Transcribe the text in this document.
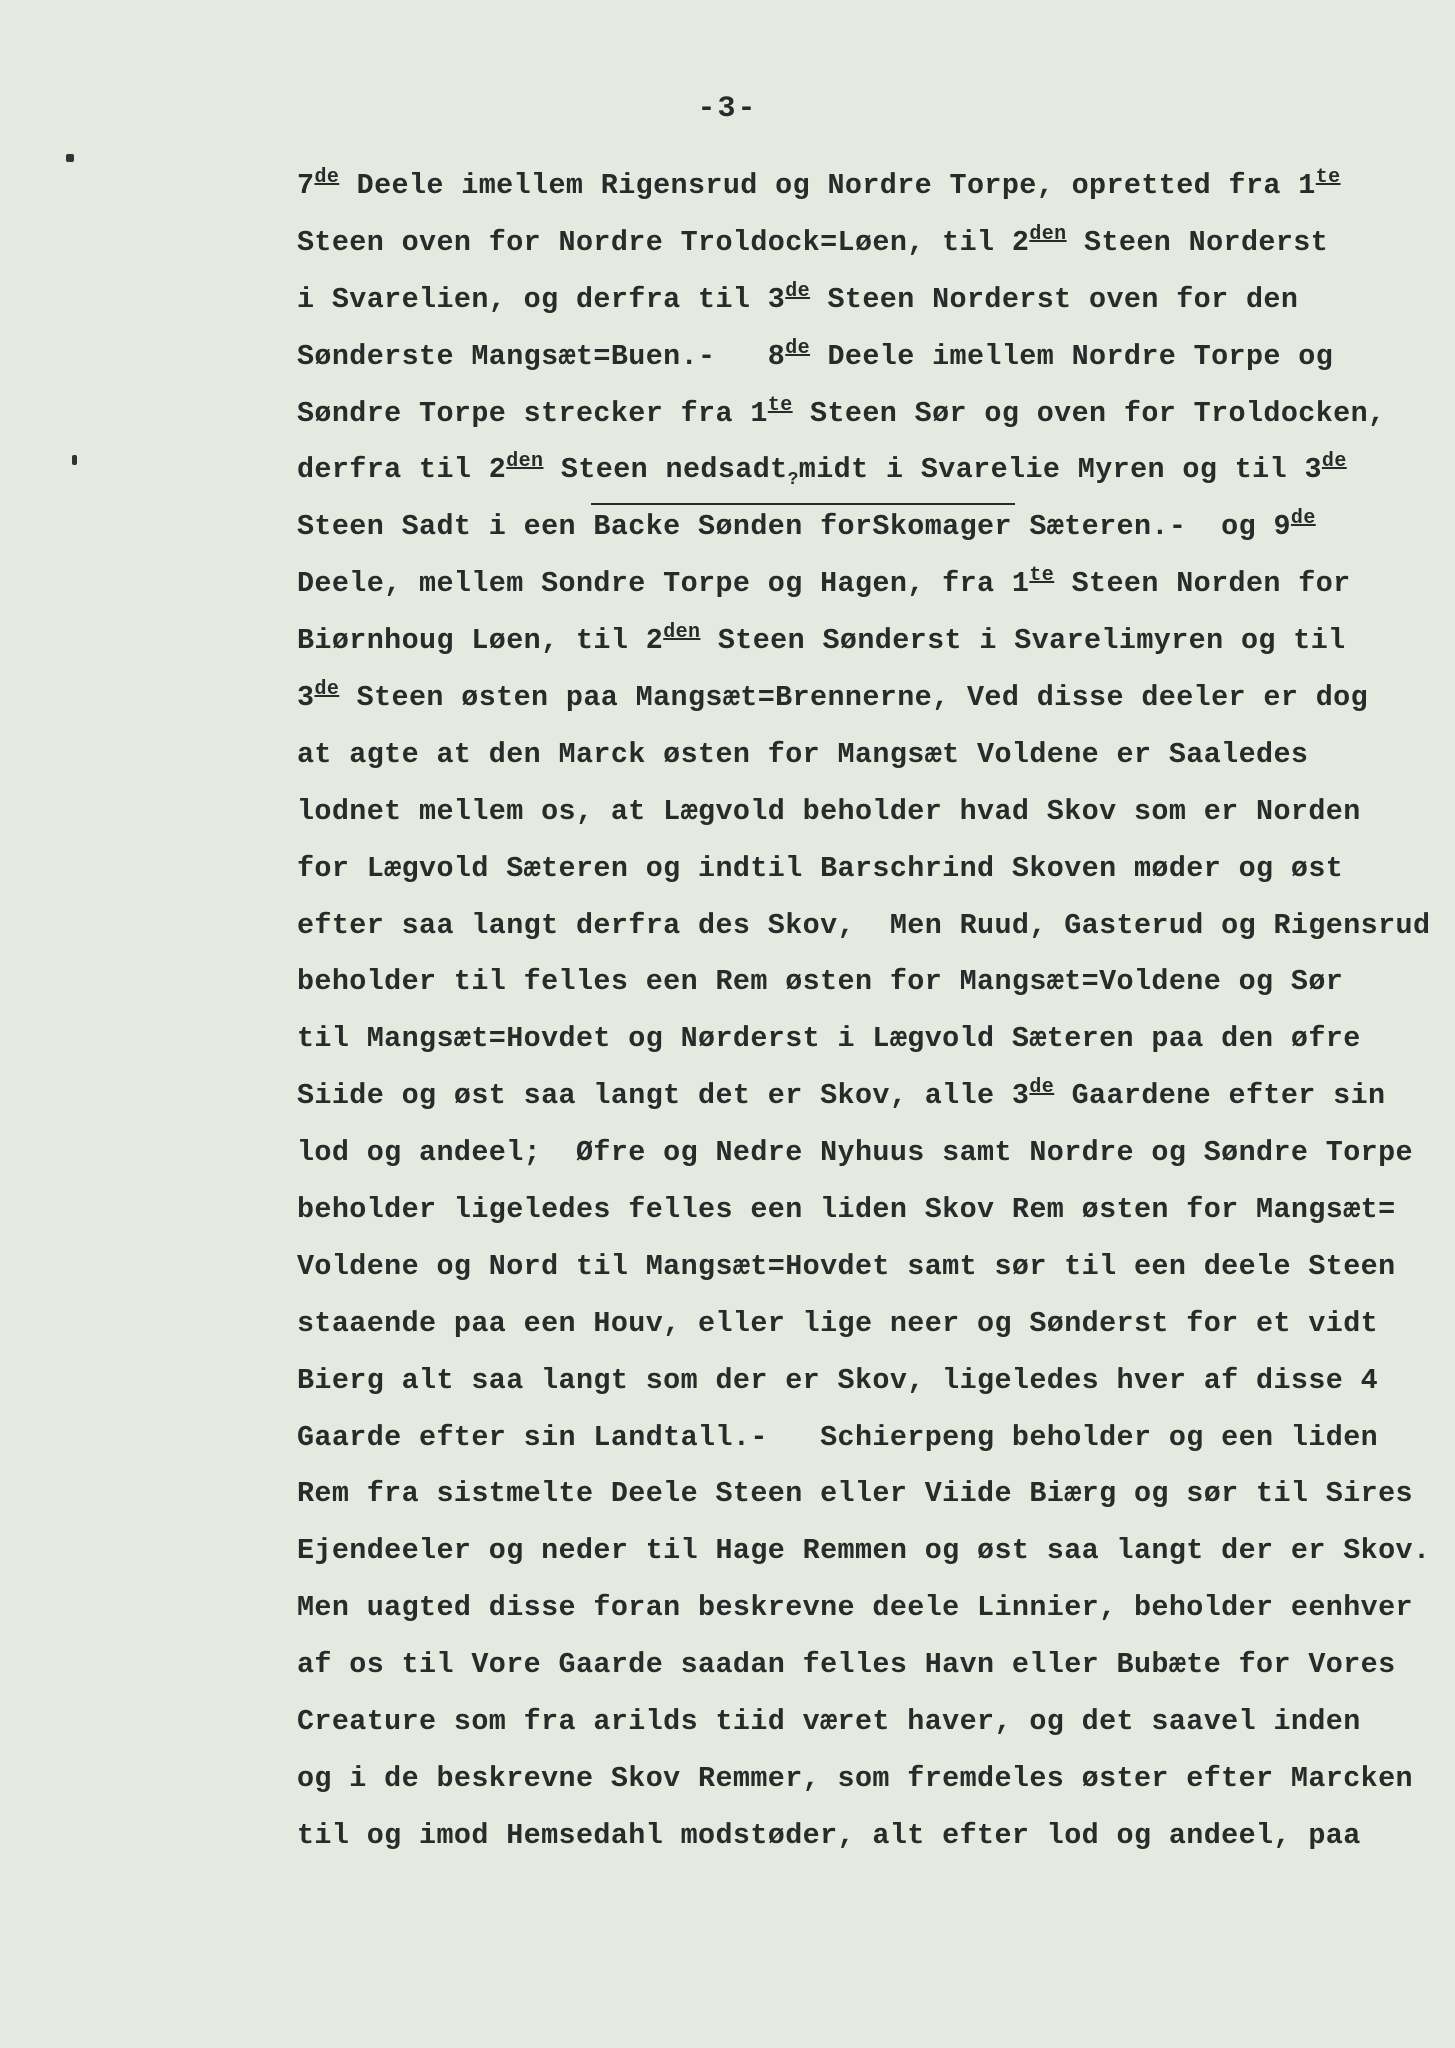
-3-
7de Deele imellem Rigensrud og Nordre Torpe, opretted fra $1^{te}$
Steen oven for Nordre Troldock=Løen, til $2^{den}$ Steen Norderst
i Svarelien, og derfra til 3de Steen Norderst oven for den
Sønderste Mangsæt=Buen.-   8de Deele imellem Nordre Torpe og
Søndre Torpe strecker fra $1^{te}$ Steen Sør og oven for Troldocken,
derfra til $2^{den}$ Steen nedsadt$_?$midt i Svarelie Myren og til 3de
Steen Sadt i een Backe Sønden forSkomager Sæteren.-  og 9de
Deele, mellem Sondre Torpe og Hagen, fra $1^{te}$ Steen Norden for
Biørnhoug Løen, til $2^{den}$ Steen Sønderst i Svarelimyren og til
3de Steen østen paa Mangsæt=Brennerne, Ved disse deeler er dog
at agte at den Marck østen for Mangsæt Voldene er Saaledes
lodnet mellem os, at Lægvold beholder hvad Skov som er Norden
for Lægvold Sæteren og indtil Barschrind Skoven møder og øst
efter saa langt derfra des Skov,  Men Ruud, Gasterud og Rigensrud
beholder til felles een Rem østen for Mangsæt=Voldene og Sør
til Mangsæt=Hovdet og Nørderst i Lægvold Sæteren paa den øfre
Siide og øst saa langt det er Skov, alle 3de Gaardene efter sin
lod og andeel;  Øfre og Nedre Nyhuus samt Nordre og Søndre Torpe
beholder ligeledes felles een liden Skov Rem østen for Mangsæt=
Voldene og Nord til Mangsæt=Hovdet samt sør til een deele Steen
staaende paa een Houv, eller lige neer og Sønderst for et vidt
Bierg alt saa langt som der er Skov, ligeledes hver af disse 4
Gaarde efter sin Landtall.-   Schierpeng beholder og een liden
Rem fra sistmelte Deele Steen eller Viide Biærg og sør til Sires
Ejendeeler og neder til Hage Remmen og øst saa langt der er Skov.
Men uagted disse foran beskrevne deele Linnier, beholder eenhver
af os til Vore Gaarde saadan felles Havn eller Bubæte for Vores
Creature som fra arilds tiid været haver, og det saavel inden
og i de beskrevne Skov Remmer, som fremdeles øster efter Marcken
til og imod Hemsedahl modstøder, alt efter lod og andeel, paa
